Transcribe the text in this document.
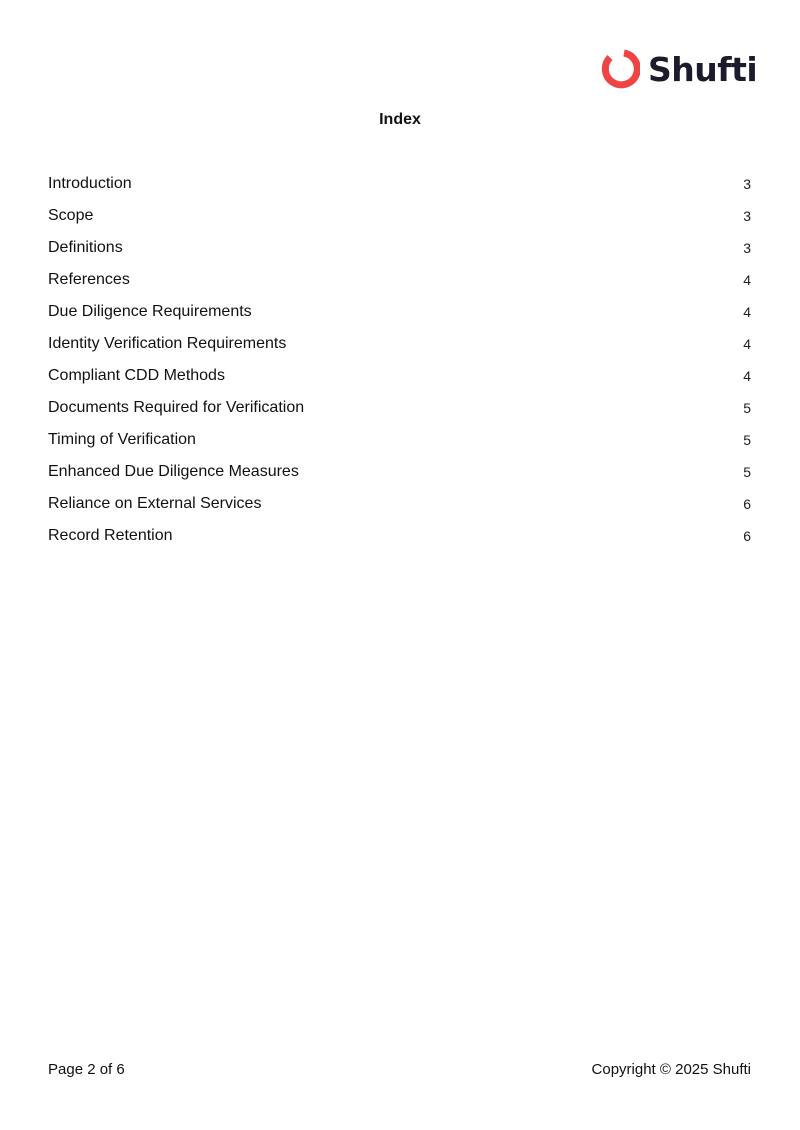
Shufti
Index
Introduction	3
Scope	3
Definitions	3
References	4
Due Diligence Requirements	4
Identity Verification Requirements	4
Compliant CDD Methods	4
Documents Required for Verification	5
Timing of Verification	5
Enhanced Due Diligence Measures	5
Reliance on External Services	6
Record Retention	6
Page 2 of 6	Copyright © 2025 Shufti
